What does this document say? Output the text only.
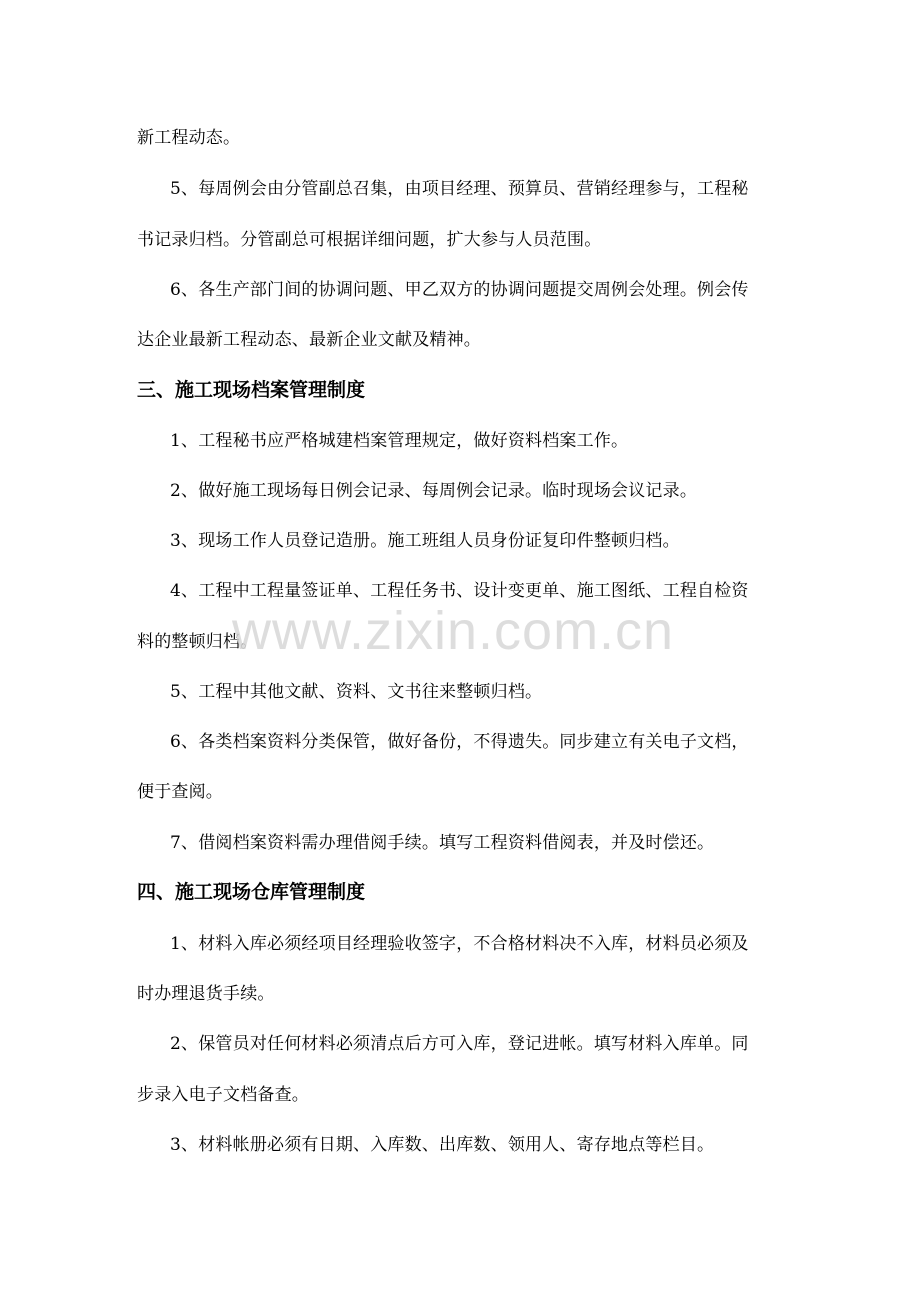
新工程动态。
5、每周例会由分管副总召集，由项目经理、预算员、营销经理参与，工程秘
书记录归档。分管副总可根据详细问题，扩大参与人员范围。
6、各生产部门间的协调问题、甲乙双方的协调问题提交周例会处理。例会传
达企业最新工程动态、最新企业文献及精神。
三、施工现场档案管理制度
1、工程秘书应严格城建档案管理规定，做好资料档案工作。
2、做好施工现场每日例会记录、每周例会记录。临时现场会议记录。
3、现场工作人员登记造册。施工班组人员身份证复印件整顿归档。
4、工程中工程量签证单、工程任务书、设计变更单、施工图纸、工程自检资
料的整顿归档。
5、工程中其他文献、资料、文书往来整顿归档。
6、各类档案资料分类保管，做好备份，不得遗失。同步建立有关电子文档，
便于查阅。
7、借阅档案资料需办理借阅手续。填写工程资料借阅表，并及时偿还。
四、施工现场仓库管理制度
1、材料入库必须经项目经理验收签字，不合格材料决不入库，材料员必须及
时办理退货手续。
2、保管员对任何材料必须清点后方可入库，登记进帐。填写材料入库单。同
步录入电子文档备查。
3、材料帐册必须有日期、入库数、出库数、领用人、寄存地点等栏目。
www.zixin.com.cn
